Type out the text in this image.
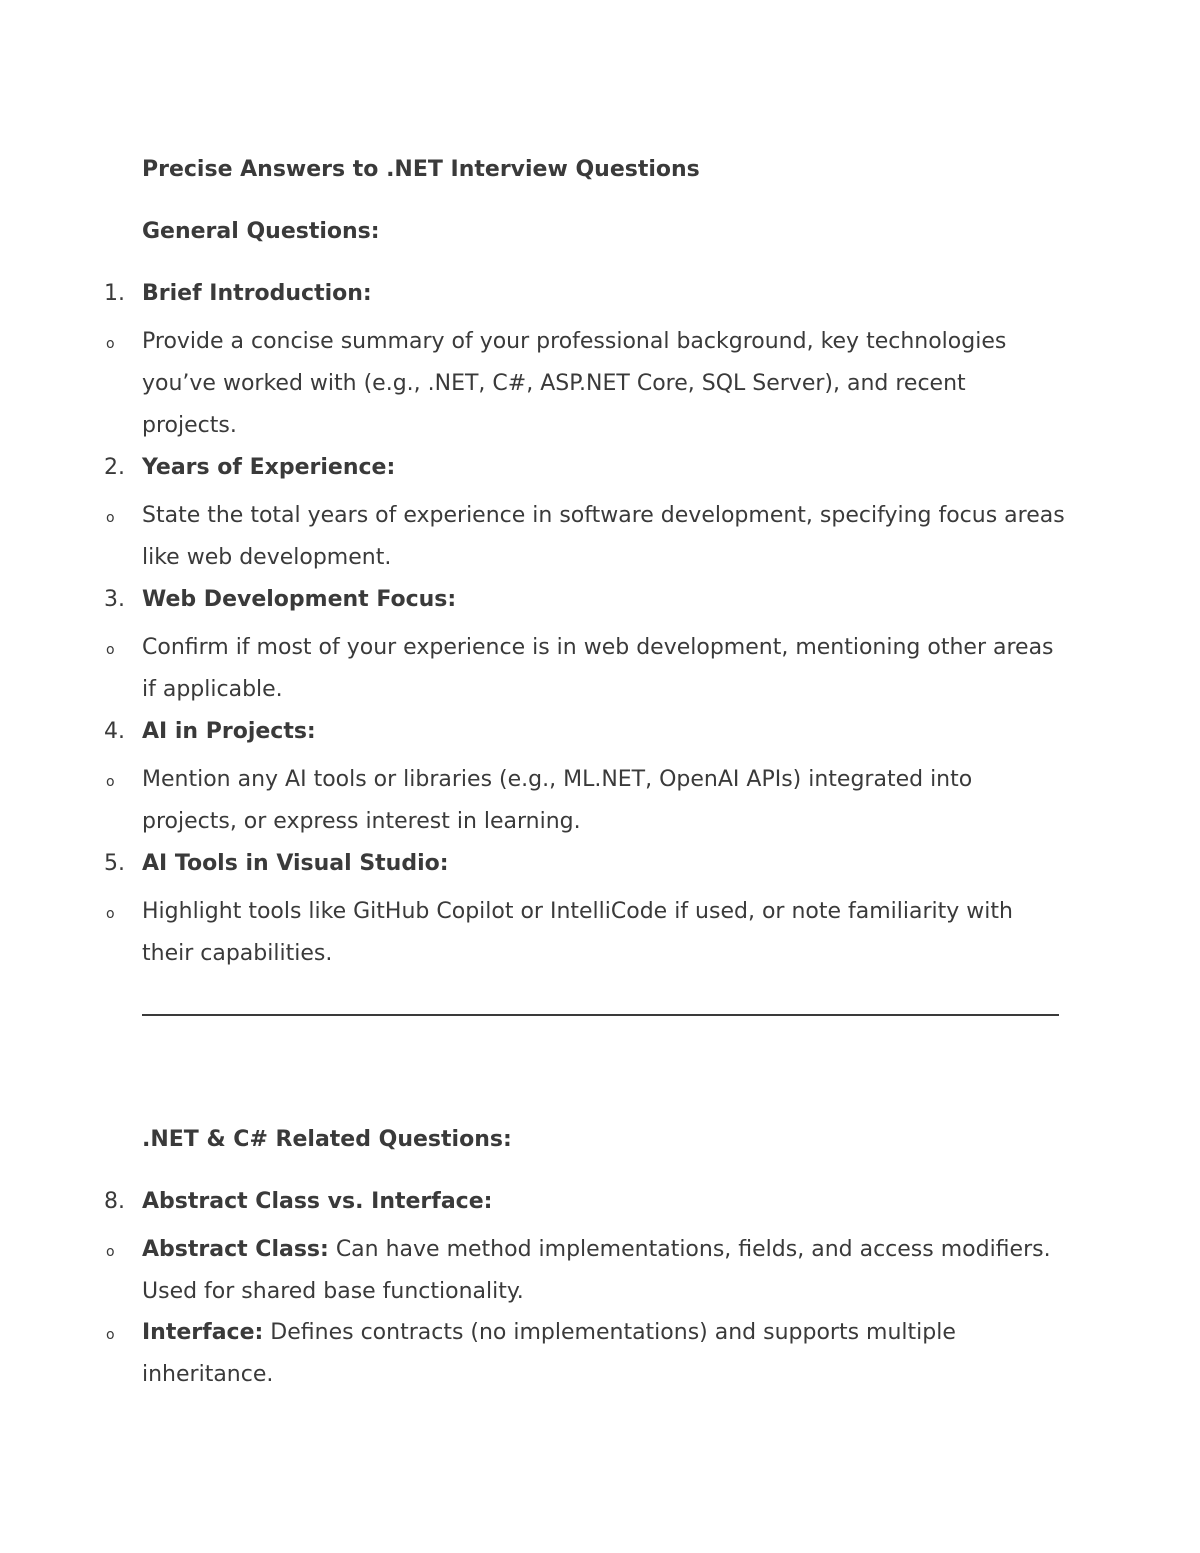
Precise Answers to .NET Interview Questions
General Questions:
1. Brief Introduction:
o Provide a concise summary of your professional background, key technologies you’ve worked with (e.g., .NET, C#, ASP.NET Core, SQL Server), and recent projects.
2. Years of Experience:
o State the total years of experience in software development, specifying focus areas like web development.
3. Web Development Focus:
o Confirm if most of your experience is in web development, mentioning other areas if applicable.
4. AI in Projects:
o Mention any AI tools or libraries (e.g., ML.NET, OpenAI APIs) integrated into projects, or express interest in learning.
5. AI Tools in Visual Studio:
o Highlight tools like GitHub Copilot or IntelliCode if used, or note familiarity with their capabilities.
.NET & C# Related Questions:
8. Abstract Class vs. Interface:
o Abstract Class: Can have method implementations, fields, and access modifiers. Used for shared base functionality.
o Interface: Defines contracts (no implementations) and supports multiple inheritance.
